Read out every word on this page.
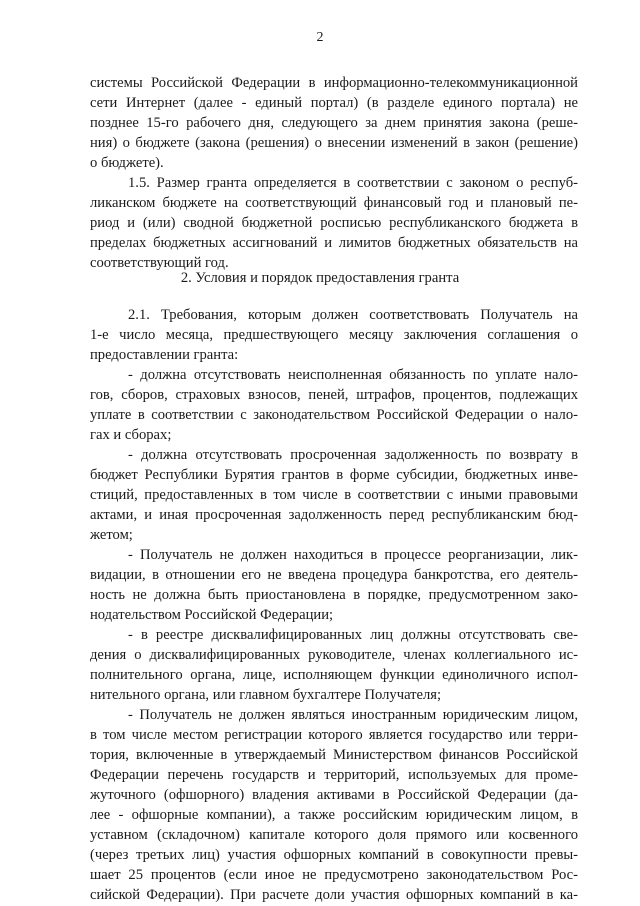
2
системы Российской Федерации в информационно-телекоммуникационной
сети Интернет (далее - единый портал) (в разделе единого портала) не
позднее 15-го рабочего дня, следующего за днем принятия закона (реше-
ния) о бюджете (закона (решения) о внесении изменений в закон (решение)
о бюджете).
1.5. Размер гранта определяется в соответствии с законом о респуб-
ликанском бюджете на соответствующий финансовый год и плановый пе-
риод и (или) сводной бюджетной росписью республиканского бюджета в
пределах бюджетных ассигнований и лимитов бюджетных обязательств на
соответствующий год.
2. Условия и порядок предоставления гранта
2.1. Требования, которым должен соответствовать Получатель на
1-е число месяца, предшествующего месяцу заключения соглашения о
предоставлении гранта:
- должна отсутствовать неисполненная обязанность по уплате нало-
гов, сборов, страховых взносов, пеней, штрафов, процентов, подлежащих
уплате в соответствии с законодательством Российской Федерации о нало-
гах и сборах;
- должна отсутствовать просроченная задолженность по возврату в
бюджет Республики Бурятия грантов в форме субсидии, бюджетных инве-
стиций, предоставленных в том числе в соответствии с иными правовыми
актами, и иная просроченная задолженность перед республиканским бюд-
жетом;
- Получатель не должен находиться в процессе реорганизации, лик-
видации, в отношении его не введена процедура банкротства, его деятель-
ность не должна быть приостановлена в порядке, предусмотренном зако-
нодательством Российской Федерации;
- в реестре дисквалифицированных лиц должны отсутствовать све-
дения о дисквалифицированных руководителе, членах коллегиального ис-
полнительного органа, лице, исполняющем функции единоличного испол-
нительного органа, или главном бухгалтере Получателя;
- Получатель не должен являться иностранным юридическим лицом,
в том числе местом регистрации которого является государство или терри-
тория, включенные в утверждаемый Министерством финансов Российской
Федерации перечень государств и территорий, используемых для проме-
жуточного (офшорного) владения активами в Российской Федерации (да-
лее - офшорные компании), а также российским юридическим лицом, в
уставном (складочном) капитале которого доля прямого или косвенного
(через третьих лиц) участия офшорных компаний в совокупности превы-
шает 25 процентов (если иное не предусмотрено законодательством Рос-
сийской Федерации). При расчете доли участия офшорных компаний в ка-
